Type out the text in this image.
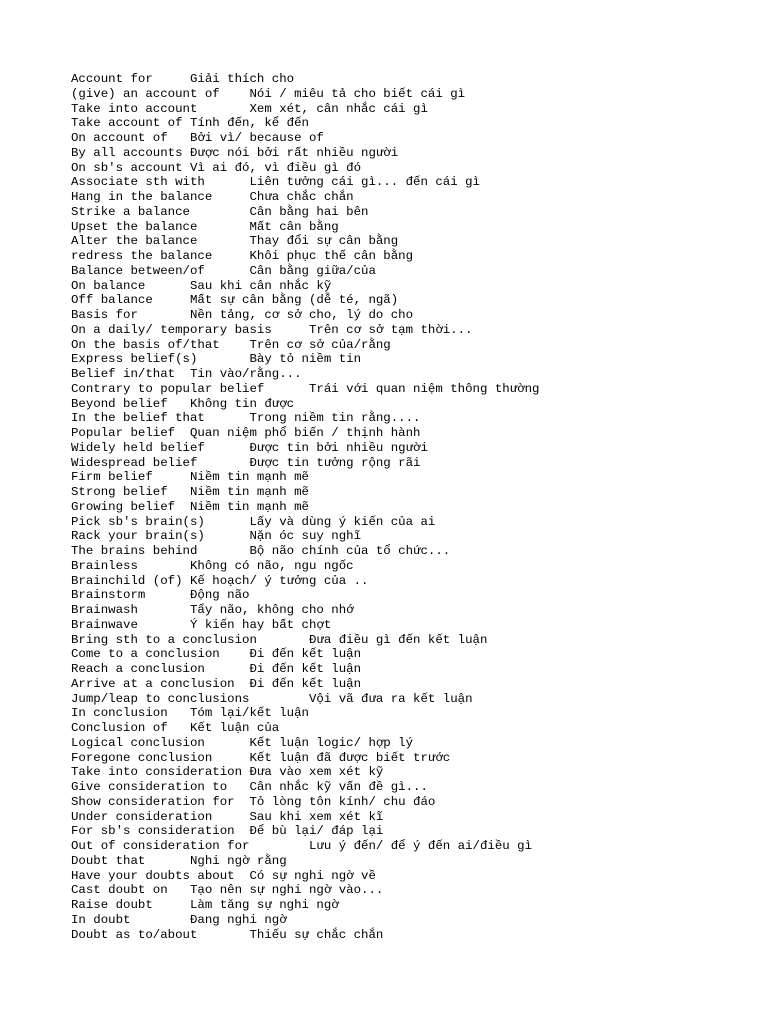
Account for	Giải thích cho
(give) an account of	Nói / miêu tả cho biết cái gì
Take into account	Xem xét, cân nhắc cái gì
Take account of	Tính đến, kể đến
On account of	Bởi vì/ because of
By all accounts	Được nói bởi rất nhiều người
On sb's account	Vì ai đó, vì điều gì đó
Associate sth with	Liên tưởng cái gì... đến cái gì
Hang in the balance	Chưa chắc chắn
Strike a balance	Cân bằng hai bên
Upset the balance	Mất cân bằng
Alter the balance	Thay đổi sự cân bằng
redress the balance	Khôi phục thế cân bằng
Balance between/of	Cân bằng giữa/của
On balance	Sau khi cân nhắc kỹ
Off balance	Mất sự cân bằng (dễ té, ngã)
Basis for	Nền tảng, cơ sở cho, lý do cho
On a daily/ temporary basis	Trên cơ sở tạm thời...
On the basis of/that	Trên cơ sở của/rằng
Express belief(s)	Bày tỏ niềm tin
Belief in/that	Tin vào/rằng...
Contrary to popular belief	Trái với quan niệm thông thường
Beyond belief	Không tin được
In the belief that	Trong niềm tin rằng....
Popular belief	Quan niệm phổ biến / thịnh hành
Widely held belief	Được tin bởi nhiều người
Widespread belief	Được tin tưởng rộng rãi
Firm belief	Niềm tin mạnh mẽ
Strong belief	Niềm tin mạnh mẽ
Growing belief	Niềm tin mạnh mẽ
Pick sb's brain(s)	Lấy và dùng ý kiến của ai
Rack your brain(s)	Nặn óc suy nghĩ
The brains behind	Bộ não chính của tổ chức...
Brainless	Không có não, ngu ngốc
Brainchild (of)	Kế hoạch/ ý tưởng của ..
Brainstorm	Động não
Brainwash	Tẩy não, không cho nhớ
Brainwave	Ý kiến hay bất chợt
Bring sth to a conclusion	Đưa điều gì đến kết luận
Come to a conclusion	Đi đến kết luận
Reach a conclusion	Đi đến kết luận
Arrive at a conclusion	Đi đến kết luận
Jump/leap to conclusions	Vội vã đưa ra kết luận
In conclusion	Tóm lại/kết luận
Conclusion of	Kết luận của
Logical conclusion	Kết luận logic/ hợp lý
Foregone conclusion	Kết luận đã được biết trước
Take into consideration	Đưa vào xem xét kỹ
Give consideration to	Cân nhắc kỹ vấn đề gì...
Show consideration for	Tỏ lòng tôn kính/ chu đáo
Under consideration	Sau khi xem xét kĩ
For sb's consideration	Để bù lại/ đáp lại
Out of consideration for	Lưu ý đến/ để ý đến ai/điều gì
Doubt that	Nghi ngờ rằng
Have your doubts about	Có sự nghi ngờ về
Cast doubt on	Tạo nên sự nghi ngờ vào...
Raise doubt	Làm tăng sự nghi ngờ
In doubt	Đang nghi ngờ
Doubt as to/about	Thiếu sự chắc chắn
